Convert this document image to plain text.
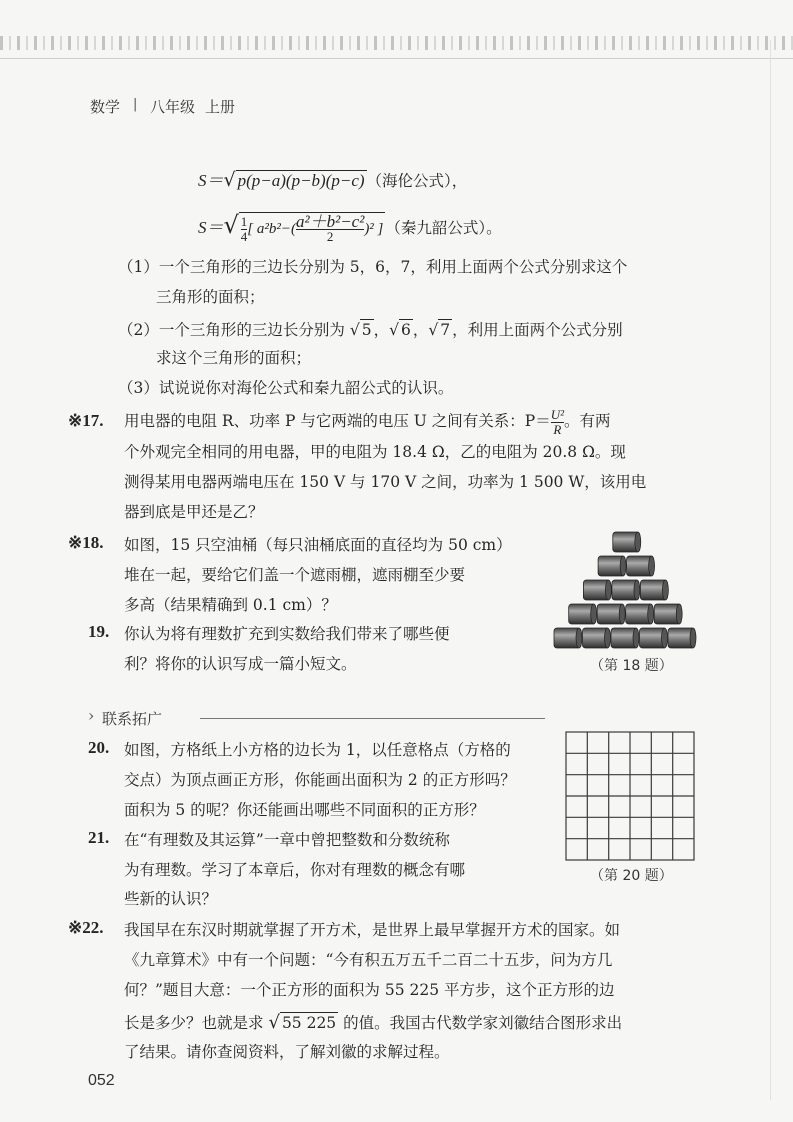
数学 | 八年级 上册
S＝√ p(p−a)(p−b)(p−c) （海伦公式），
$S=√ \frac{1}{4}$ [ $a^2b^2-( \frac{\text{a²＋b²−c²}}{2} )^2$ ] （秦九韶公式）。
（1）一个三角形的三边长分别为 5，6，7，利用上面两个公式分别求这个
三角形的面积；
（2）一个三角形的三边长分别为 √ 5 ，√ 6 ，√ 7 ，利用上面两个公式分别
求这个三角形的面积；
（3）试说说你对海伦公式和秦九韶公式的认识。
※17. 用电器的电阻 R、功率 P 与它两端的电压 U 之间有关系：$P= \frac{\text{U²}}{R}$ 。有两
个外观完全相同的用电器，甲的电阻为 18.4 Ω，乙的电阻为 20.8 Ω。现
测得某用电器两端电压在 150 V 与 170 V 之间，功率为 1 500 W，该用电
器到底是甲还是乙？
※18. 如图，15 只空油桶（每只油桶底面的直径均为 50 cm）
堆在一起，要给它们盖一个遮雨棚，遮雨棚至少要
多高（结果精确到 0.1 cm）？
（第 18 题）
19. 你认为将有理数扩充到实数给我们带来了哪些便
利？将你的认识写成一篇小短文。
› 联系拓广
（第 20 题）
20. 如图，方格纸上小方格的边长为 1，以任意格点（方格的
交点）为顶点画正方形，你能画出面积为 2 的正方形吗？
面积为 5 的呢？你还能画出哪些不同面积的正方形？
21. 在“有理数及其运算”一章中曾把整数和分数统称
为有理数。学习了本章后，你对有理数的概念有哪
些新的认识？
※22. 我国早在东汉时期就掌握了开方术，是世界上最早掌握开方术的国家。如
《九章算术》中有一个问题：“今有积五万五千二百二十五步，问为方几
何？”题目大意：一个正方形的面积为 55 225 平方步，这个正方形的边
长是多少？也就是求 √ 55 225 的值。我国古代数学家刘徽结合图形求出
了结果。请你查阅资料，了解刘徽的求解过程。
052
